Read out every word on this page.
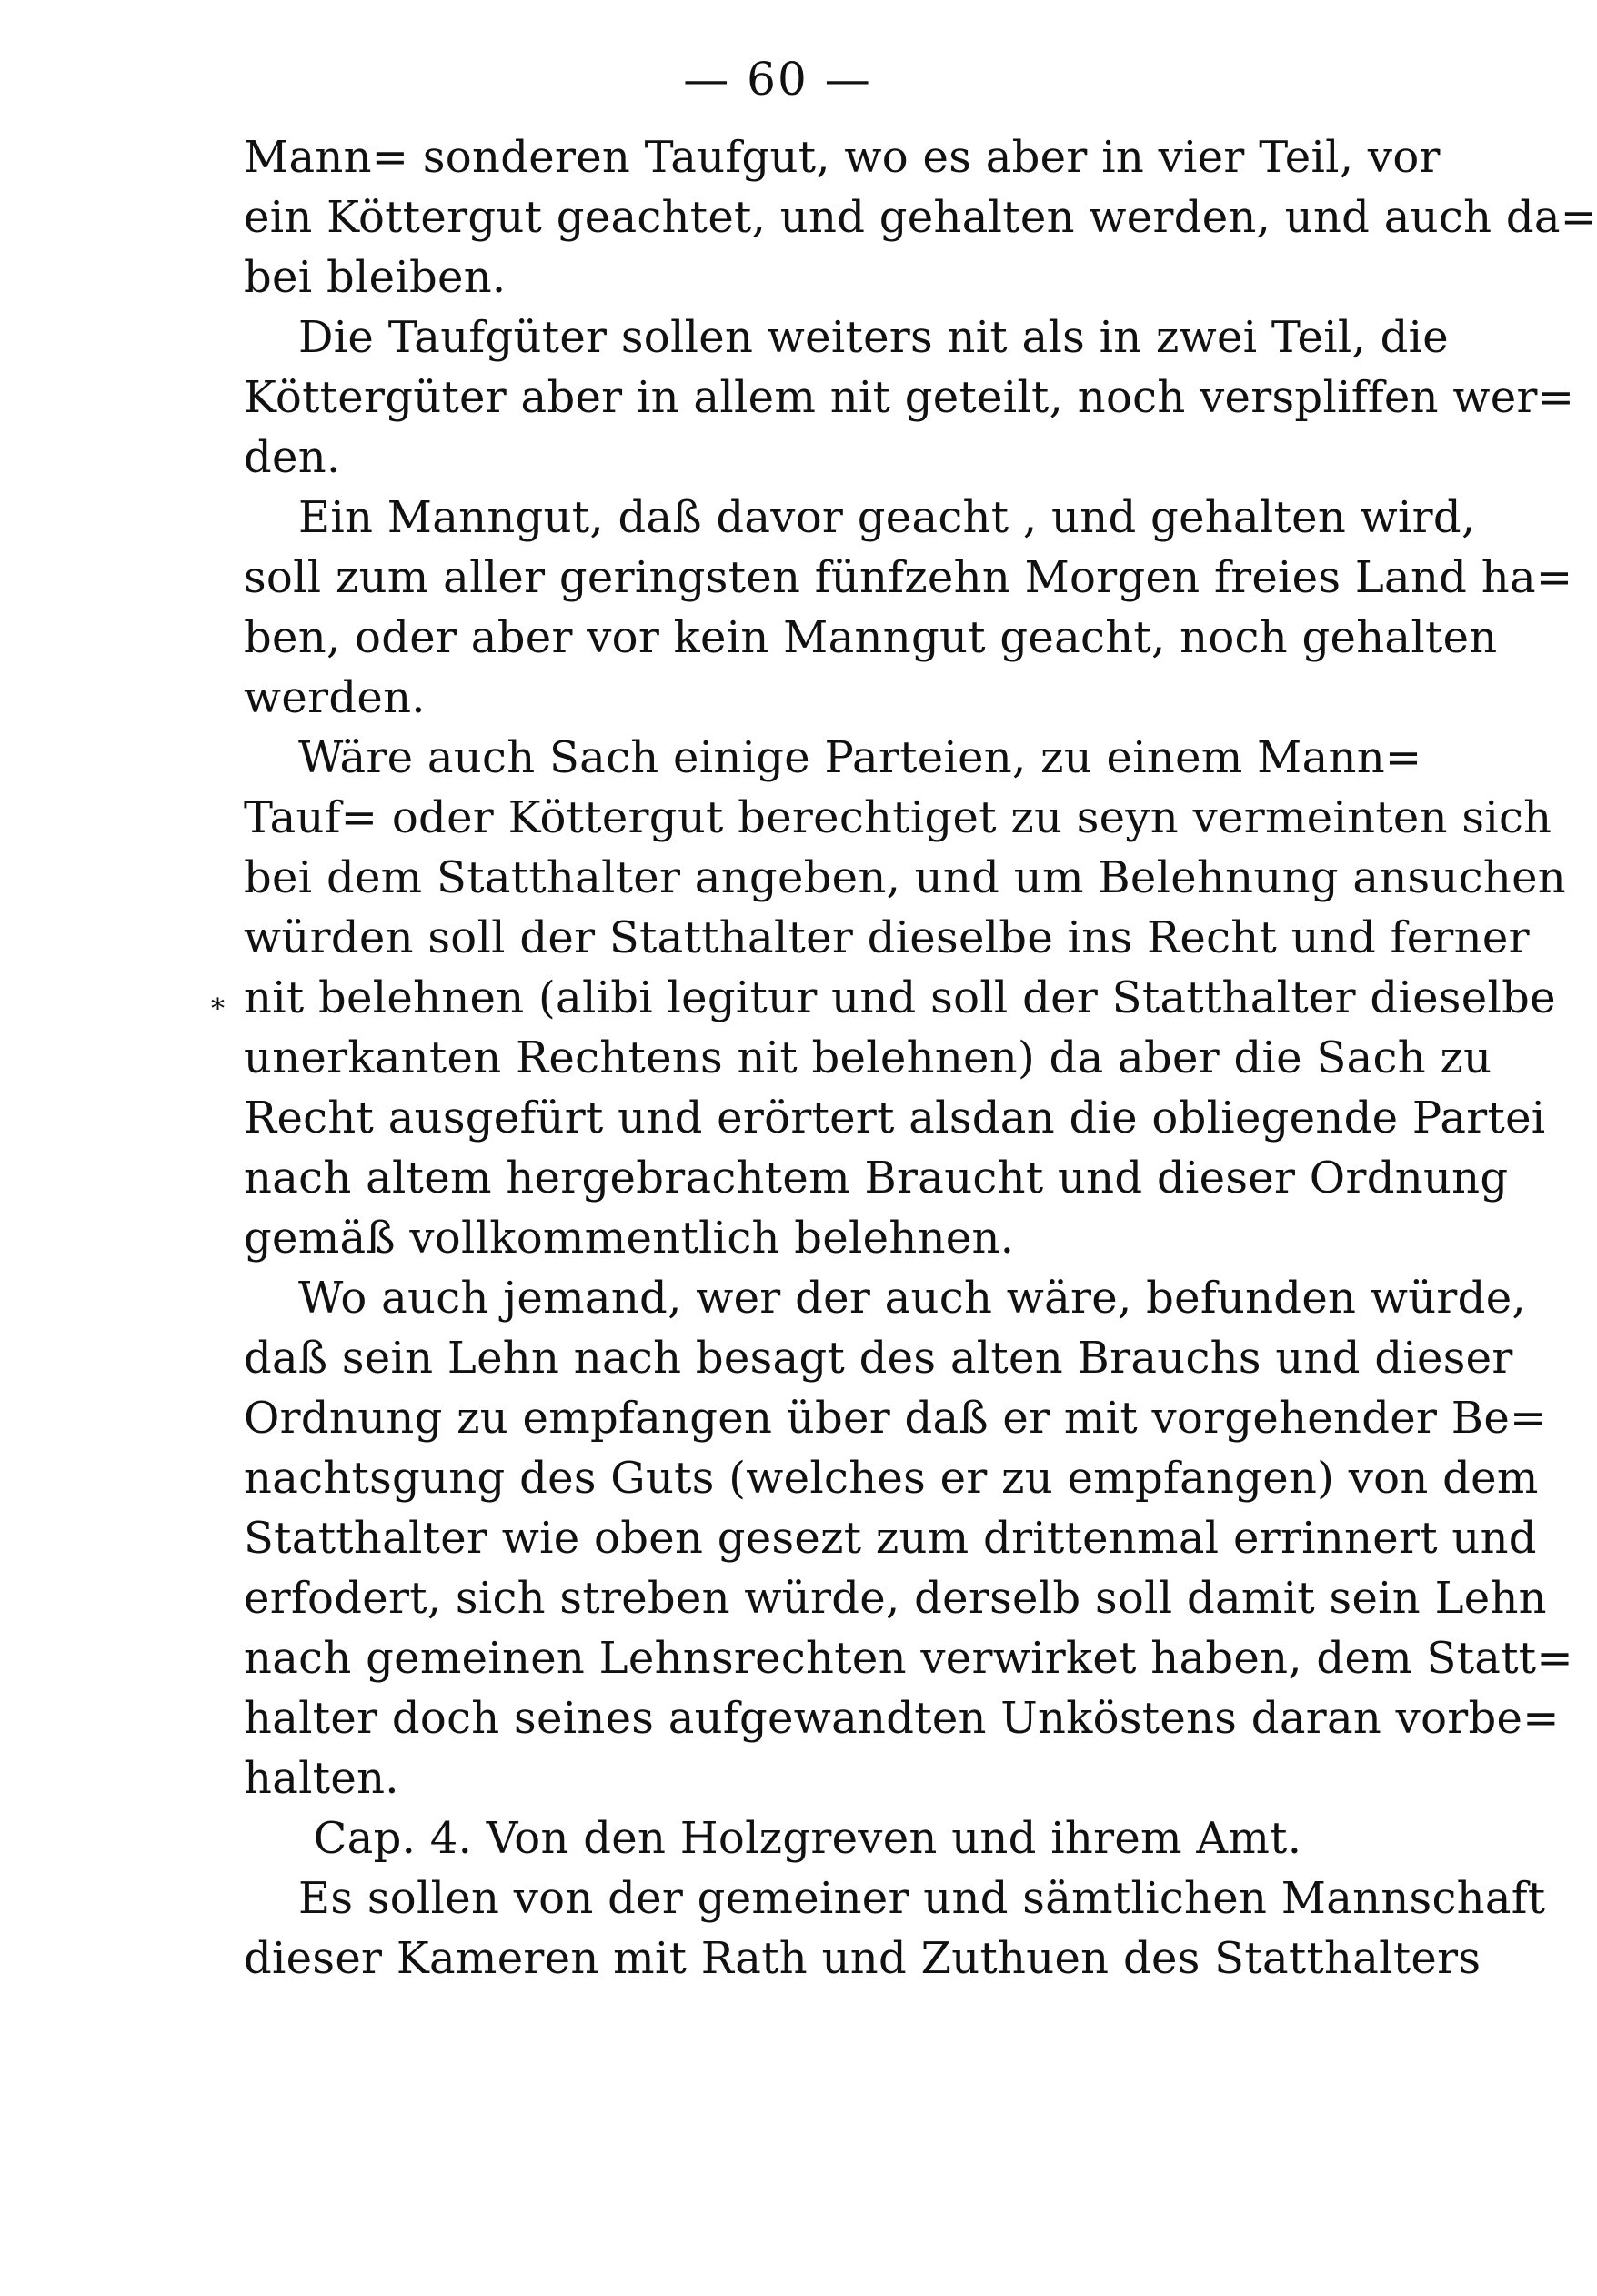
— 60 —
⁎
Mann= sonderen Taufgut, wo es aber in vier Teil, vor
ein Köttergut geachtet, und gehalten werden, und auch da=
bei bleiben.
Die Taufgüter sollen weiters nit als in zwei Teil, die
Köttergüter aber in allem nit geteilt, noch verspliffen wer=
den.
Ein Manngut, daß davor geacht , und gehalten wird,
soll zum aller geringsten fünfzehn Morgen freies Land ha=
ben, oder aber vor kein Manngut geacht, noch gehalten
werden.
Wäre auch Sach einige Parteien, zu einem Mann=
Tauf= oder Köttergut berechtiget zu seyn vermeinten sich
bei dem Statthalter angeben, und um Belehnung ansuchen
würden soll der Statthalter dieselbe ins Recht und ferner
nit belehnen (alibi legitur und soll der Statthalter dieselbe
unerkanten Rechtens nit belehnen) da aber die Sach zu
Recht ausgefürt und erörtert alsdan die obliegende Partei
nach altem hergebrachtem Braucht und dieser Ordnung
gemäß vollkommentlich belehnen.
Wo auch jemand, wer der auch wäre, befunden würde,
daß sein Lehn nach besagt des alten Brauchs und dieser
Ordnung zu empfangen über daß er mit vorgehender Be=
nachtsgung des Guts (welches er zu empfangen) von dem
Statthalter wie oben gesezt zum drittenmal errinnert und
erfodert, sich streben würde, derselb soll damit sein Lehn
nach gemeinen Lehnsrechten verwirket haben, dem Statt=
halter doch seines aufgewandten Unköstens daran vorbe=
halten.
Cap. 4. Von den Holzgreven und ihrem Amt.
Es sollen von der gemeiner und sämtlichen Mannschaft
dieser Kameren mit Rath und Zuthuen des Statthalters
